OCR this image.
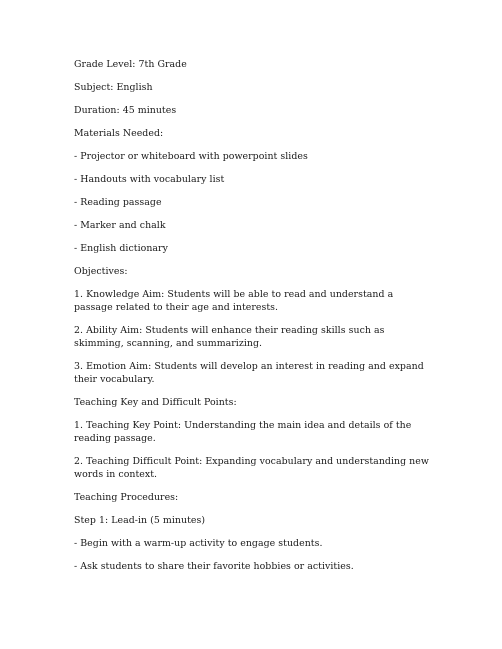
Grade Level: 7th Grade

Subject: English

Duration: 45 minutes

Materials Needed:

- Projector or whiteboard with powerpoint slides

- Handouts with vocabulary list

- Reading passage

- Marker and chalk

- English dictionary

Objectives:

1. Knowledge Aim: Students will be able to read and understand a passage related to their age and interests.

2. Ability Aim: Students will enhance their reading skills such as skimming, scanning, and summarizing.

3. Emotion Aim: Students will develop an interest in reading and expand their vocabulary.

Teaching Key and Difficult Points:

1. Teaching Key Point: Understanding the main idea and details of the reading passage.

2. Teaching Difficult Point: Expanding vocabulary and understanding new words in context.

Teaching Procedures:

Step 1: Lead-in (5 minutes)

- Begin with a warm-up activity to engage students.

- Ask students to share their favorite hobbies or activities.
